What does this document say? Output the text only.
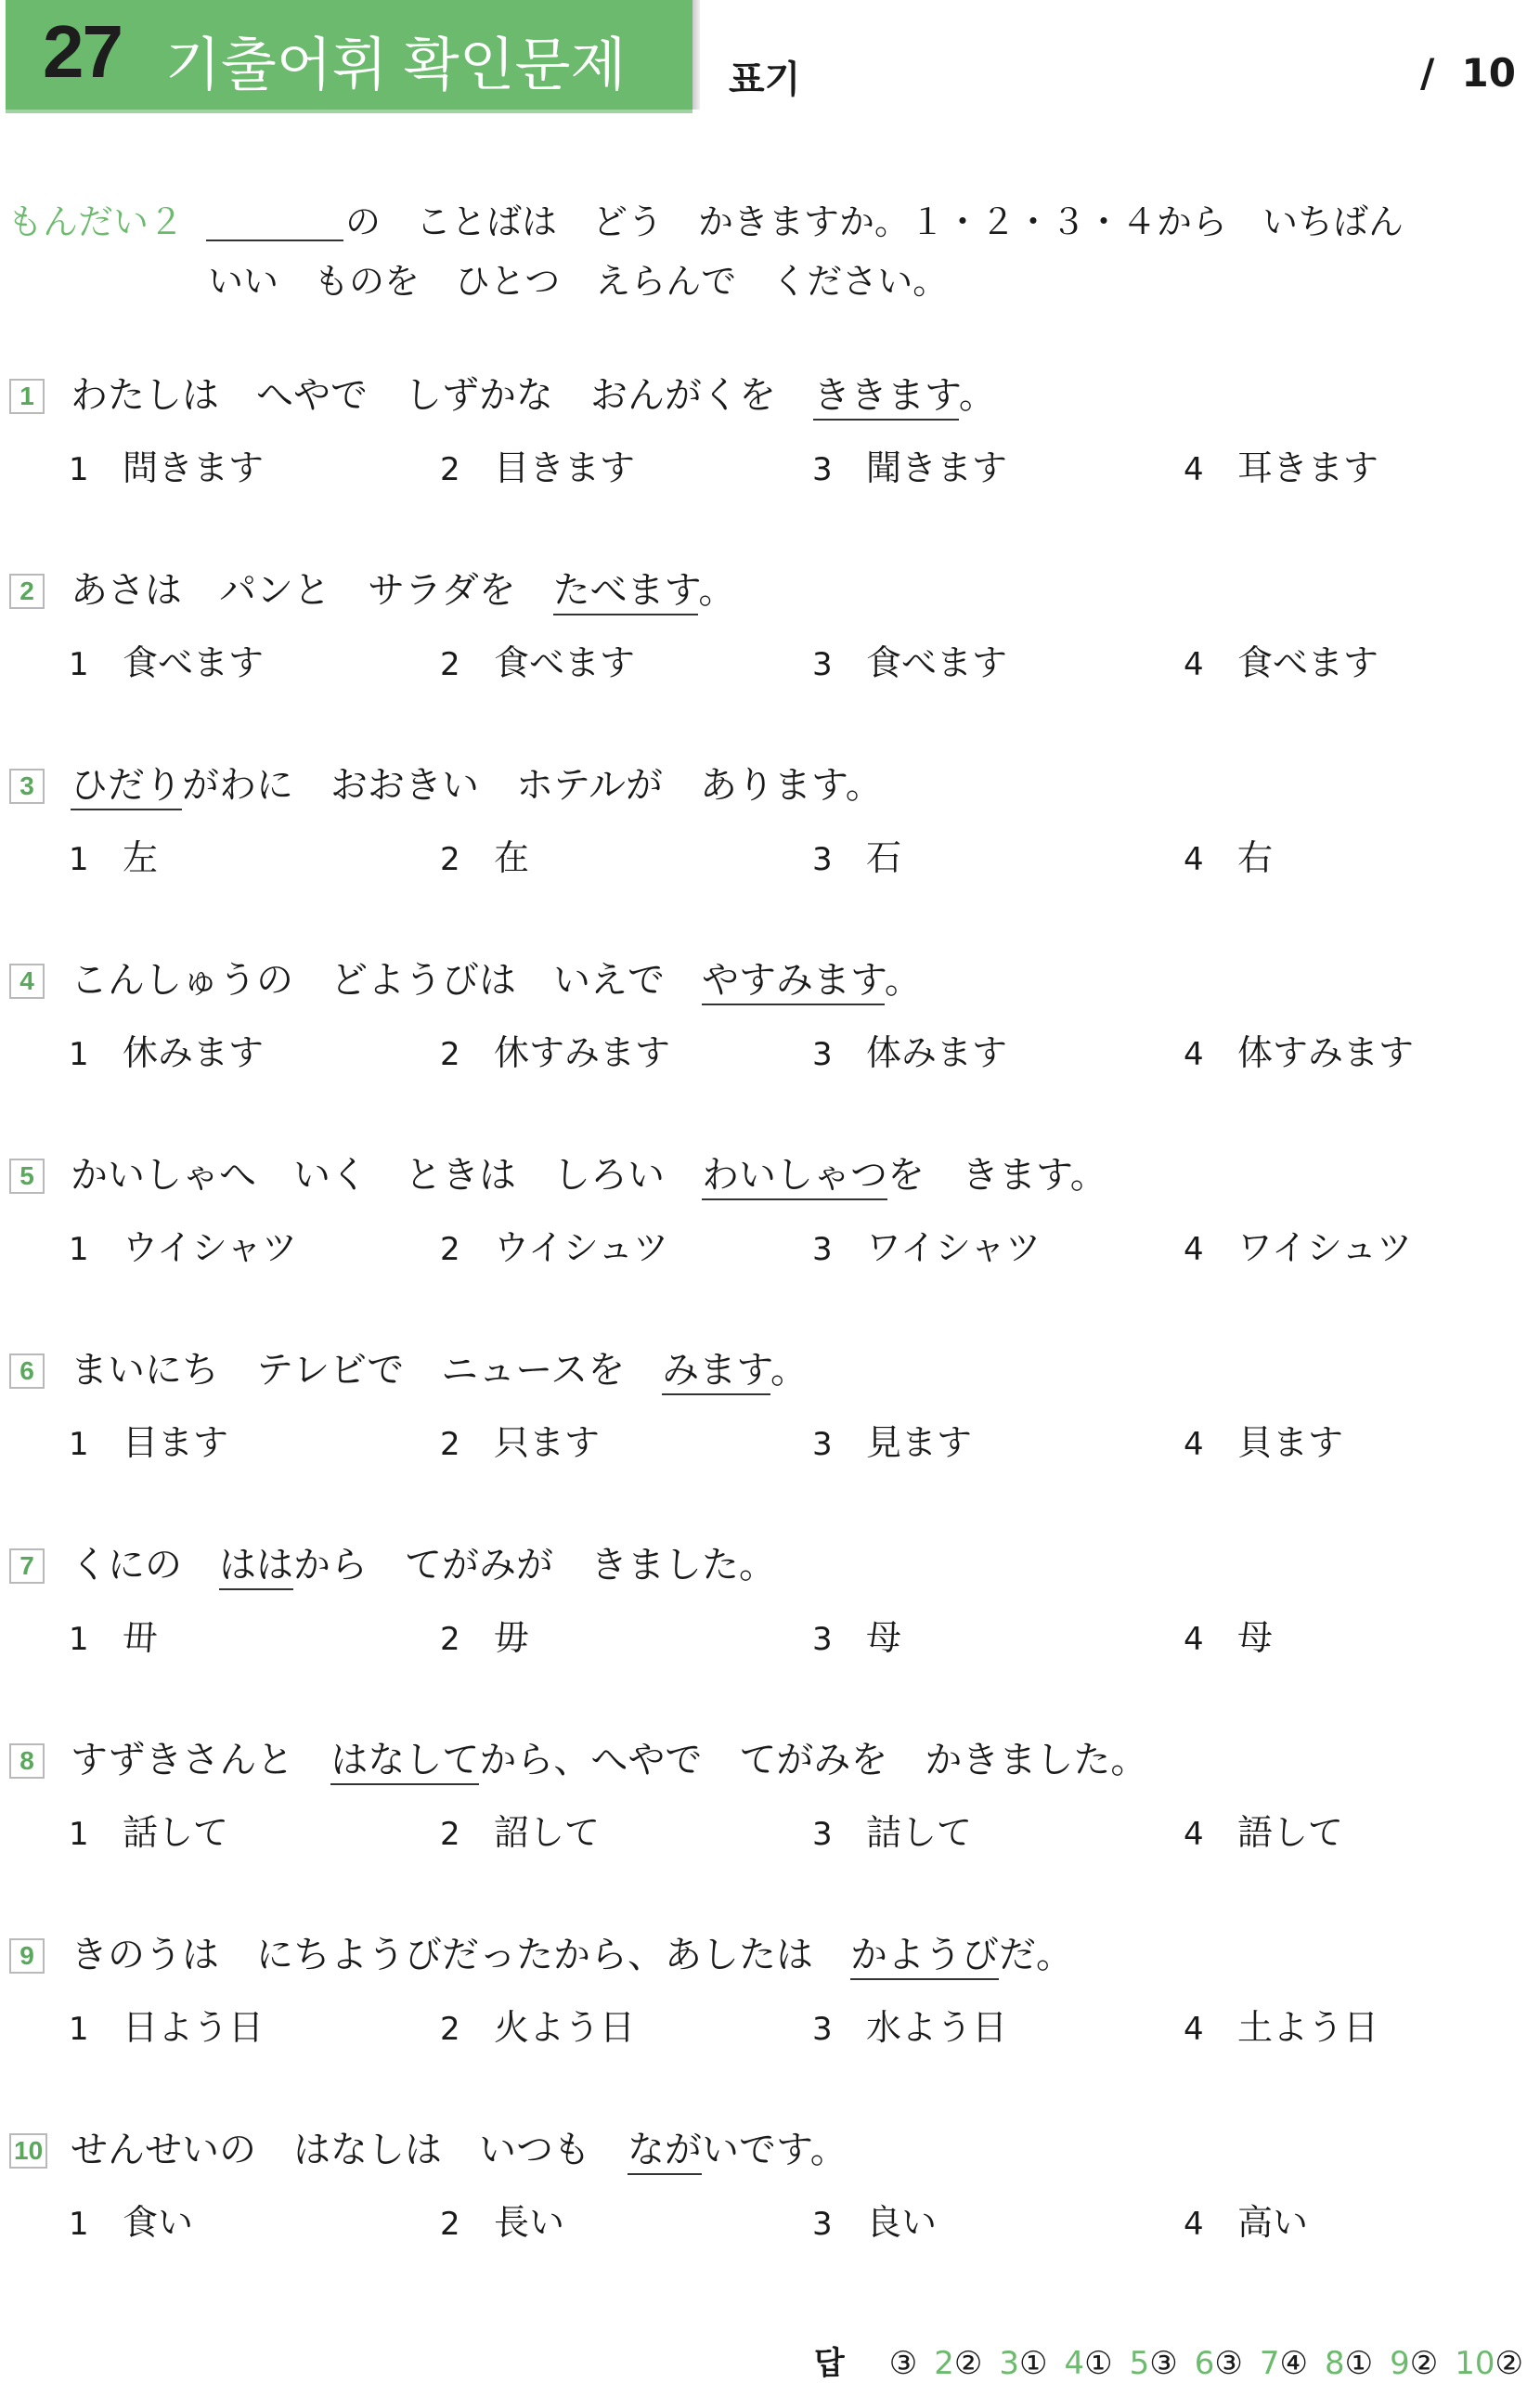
27 기출어휘 확인문제	표기	/  10
もんだい２	の　ことばは　どう　かきますか。１・２・３・４から　いちばん
いい　ものを　ひとつ　えらんで　ください。
1 わたしは　へやで　しずかな　おんがくを　ききます。
1 問きます	2 目きます	3 聞きます	4 耳きます
2 あさは　パンと　サラダを　たべます。
1 食べます	2 食べます	3 食べます	4 食べます
3 ひだりがわに　おおきい　ホテルが　あります。
1 左	2 在	3 石	4 右
4 こんしゅうの　どようびは　いえで　やすみます。
1 休みます	2 休すみます	3 体みます	4 体すみます
5 かいしゃへ　いく　ときは　しろい　わいしゃつを　きます。
1 ウイシャツ	2 ウイシュツ	3 ワイシャツ	4 ワイシュツ
6 まいにち　テレビで　ニュースを　みます。
1 目ます	2 只ます	3 見ます	4 貝ます
7 くにの　ははから　てがみが　きました。
1 毌	2 毋	3 母	4 母
8 すずきさんと　はなしてから、へやで　てがみを　かきました。
1 話して	2 詔して	3 詰して	4 語して
9 きのうは　にちようびだったから、あしたは　かようびだ。
1 日よう日	2 火よう日	3 水よう日	4 土よう日
10 せんせいの　はなしは　いつも　ながいです。
1 食い	2 長い	3 良い	4 高い

답 ③ 2② 3① 4① 5③ 6③ 7④ 8① 9② 10②
